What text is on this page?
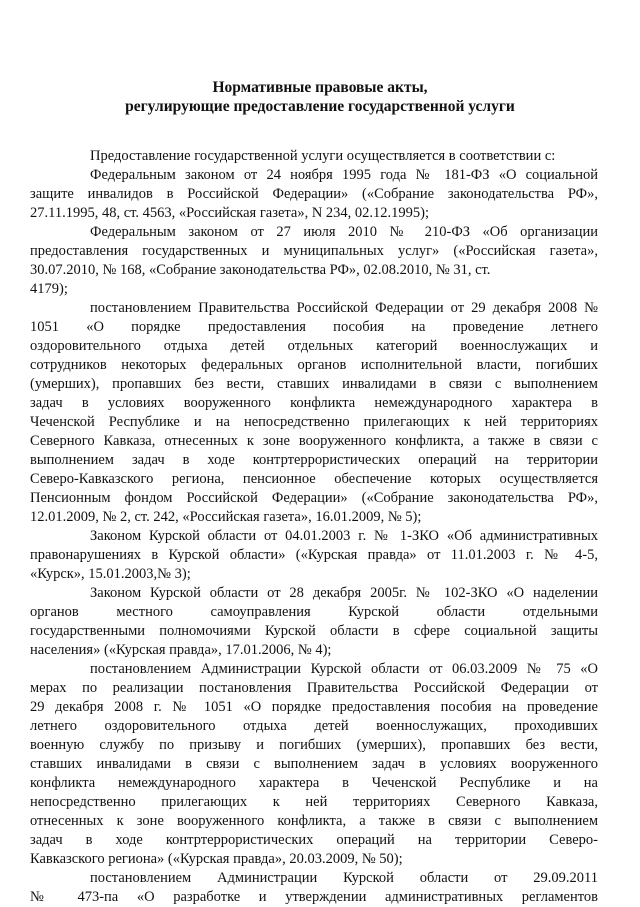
Нормативные правовые акты,
регулирующие предоставление государственной услуги
Предоставление государственной услуги осуществляется в соответствии с:
Федеральным законом от 24 ноября 1995 года № 181-ФЗ «О социальной
защите инвалидов в Российской Федерации» («Собрание законодательства РФ»,
27.11.1995, 48, ст. 4563, «Российская газета», N 234, 02.12.1995);
Федеральным законом от 27 июля 2010 № 210-ФЗ «Об организации
предоставления государственных и муниципальных услуг» («Российская газета»,
30.07.2010, № 168, «Собрание законодательства РФ», 02.08.2010, № 31, ст.
4179);
постановлением Правительства Российской Федерации от 29 декабря 2008 №
1051 «О порядке предоставления пособия на проведение летнего
оздоровительного отдыха детей отдельных категорий военнослужащих и
сотрудников некоторых федеральных органов исполнительной власти, погибших
(умерших), пропавших без вести, ставших инвалидами в связи с выполнением
задач в условиях вооруженного конфликта немеждународного характера в
Чеченской Республике и на непосредственно прилегающих к ней территориях
Северного Кавказа, отнесенных к зоне вооруженного конфликта, а также в связи с
выполнением задач в ходе контртеррористических операций на территории
Северо-Кавказского региона, пенсионное обеспечение которых осуществляется
Пенсионным фондом Российской Федерации» («Собрание законодательства РФ»,
12.01.2009, № 2, ст. 242, «Российская газета», 16.01.2009, № 5);
Законом Курской области от 04.01.2003 г. № 1-ЗКО «Об административных
правонарушениях в Курской области» («Курская правда» от 11.01.2003 г. № 4-5,
«Курск», 15.01.2003,№ 3);
Законом Курской области от 28 декабря 2005г. № 102-ЗКО «О наделении
органов местного самоуправления Курской области отдельными
государственными полномочиями Курской области в сфере социальной защиты
населения» («Курская правда», 17.01.2006, № 4);
постановлением Администрации Курской области от 06.03.2009 № 75 «О
мерах по реализации постановления Правительства Российской Федерации от
29 декабря 2008 г. № 1051 «О порядке предоставления пособия на проведение
летнего оздоровительного отдыха детей военнослужащих, проходивших
военную службу по призыву и погибших (умерших), пропавших без вести,
ставших инвалидами в связи с выполнением задач в условиях вооруженного
конфликта немеждународного характера в Чеченской Республике и на
непосредственно прилегающих к ней территориях Северного Кавказа,
отнесенных к зоне вооруженного конфликта, а также в связи с выполнением
задач в ходе контртеррористических операций на территории Северо-
Кавказского региона» («Курская правда», 20.03.2009, № 50);
постановлением Администрации Курской области от 29.09.2011
№ 473-па «О разработке и утверждении административных регламентов
